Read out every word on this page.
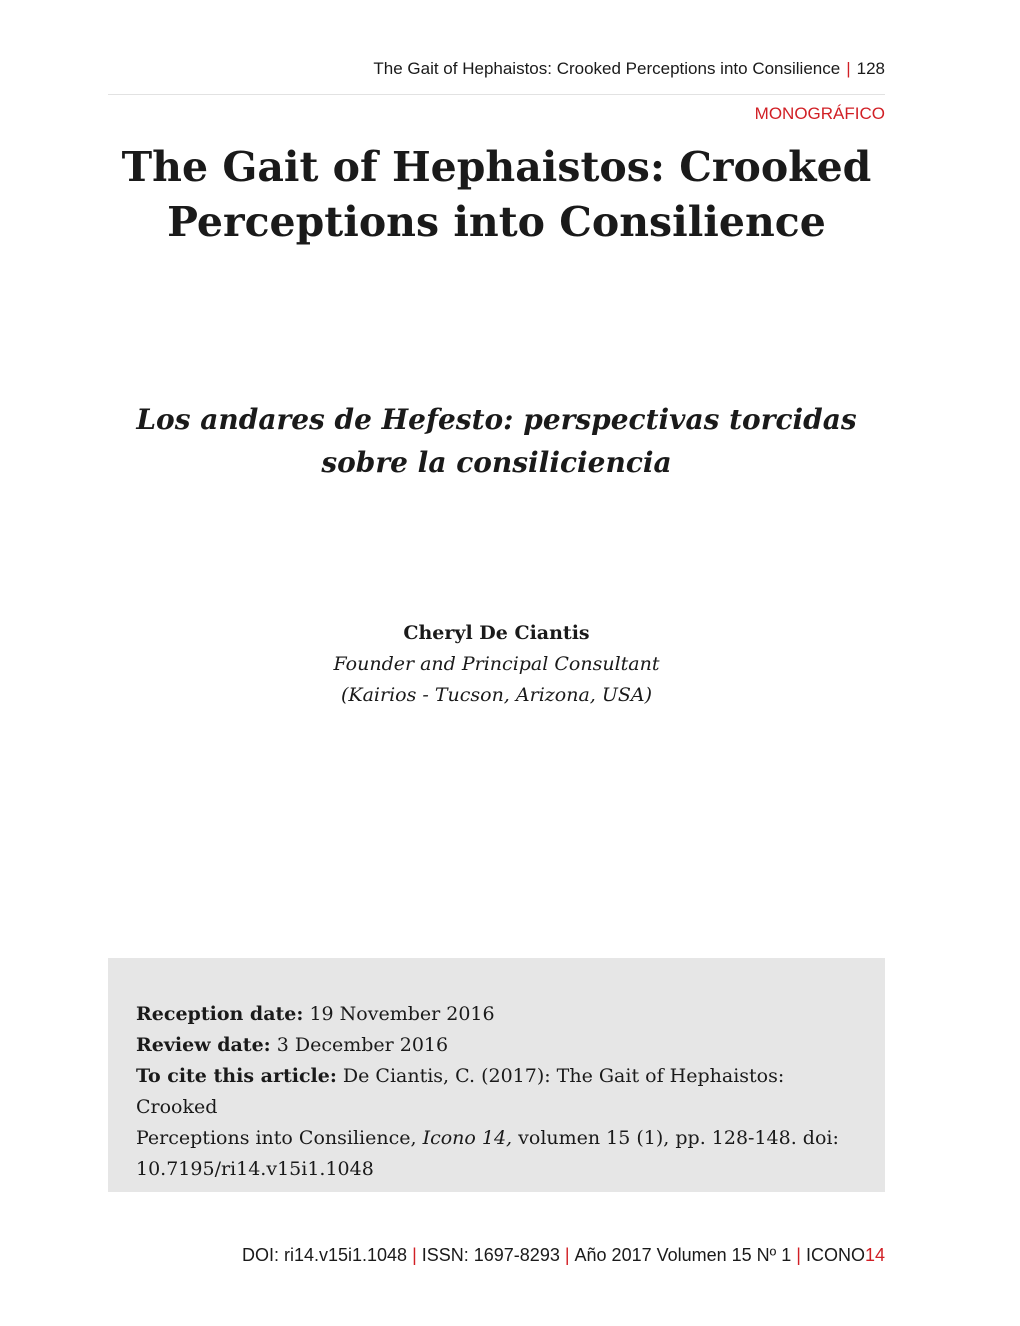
The Gait of Hephaistos: Crooked Perceptions into Consilience | 128
MONOGRÁFICO
The Gait of Hephaistos: Crooked
Perceptions into Consilience
Los andares de Hefesto: perspectivas torcidas
sobre la consiliciencia
Cheryl De Ciantis
Founder and Principal Consultant
(Kairios - Tucson, Arizona, USA)
Reception date: 19 November 2016
Review date: 3 December 2016
To cite this article: De Ciantis, C. (2017): The Gait of Hephaistos: Crooked
Perceptions into Consilience, Icono 14, volumen 15 (1), pp. 128-148. doi:
10.7195/ri14.v15i1.1048
DOI: ri14.v15i1.1048 | ISSN: 1697-8293 | Año 2017 Volumen 15 Nº 1 | ICONO14
